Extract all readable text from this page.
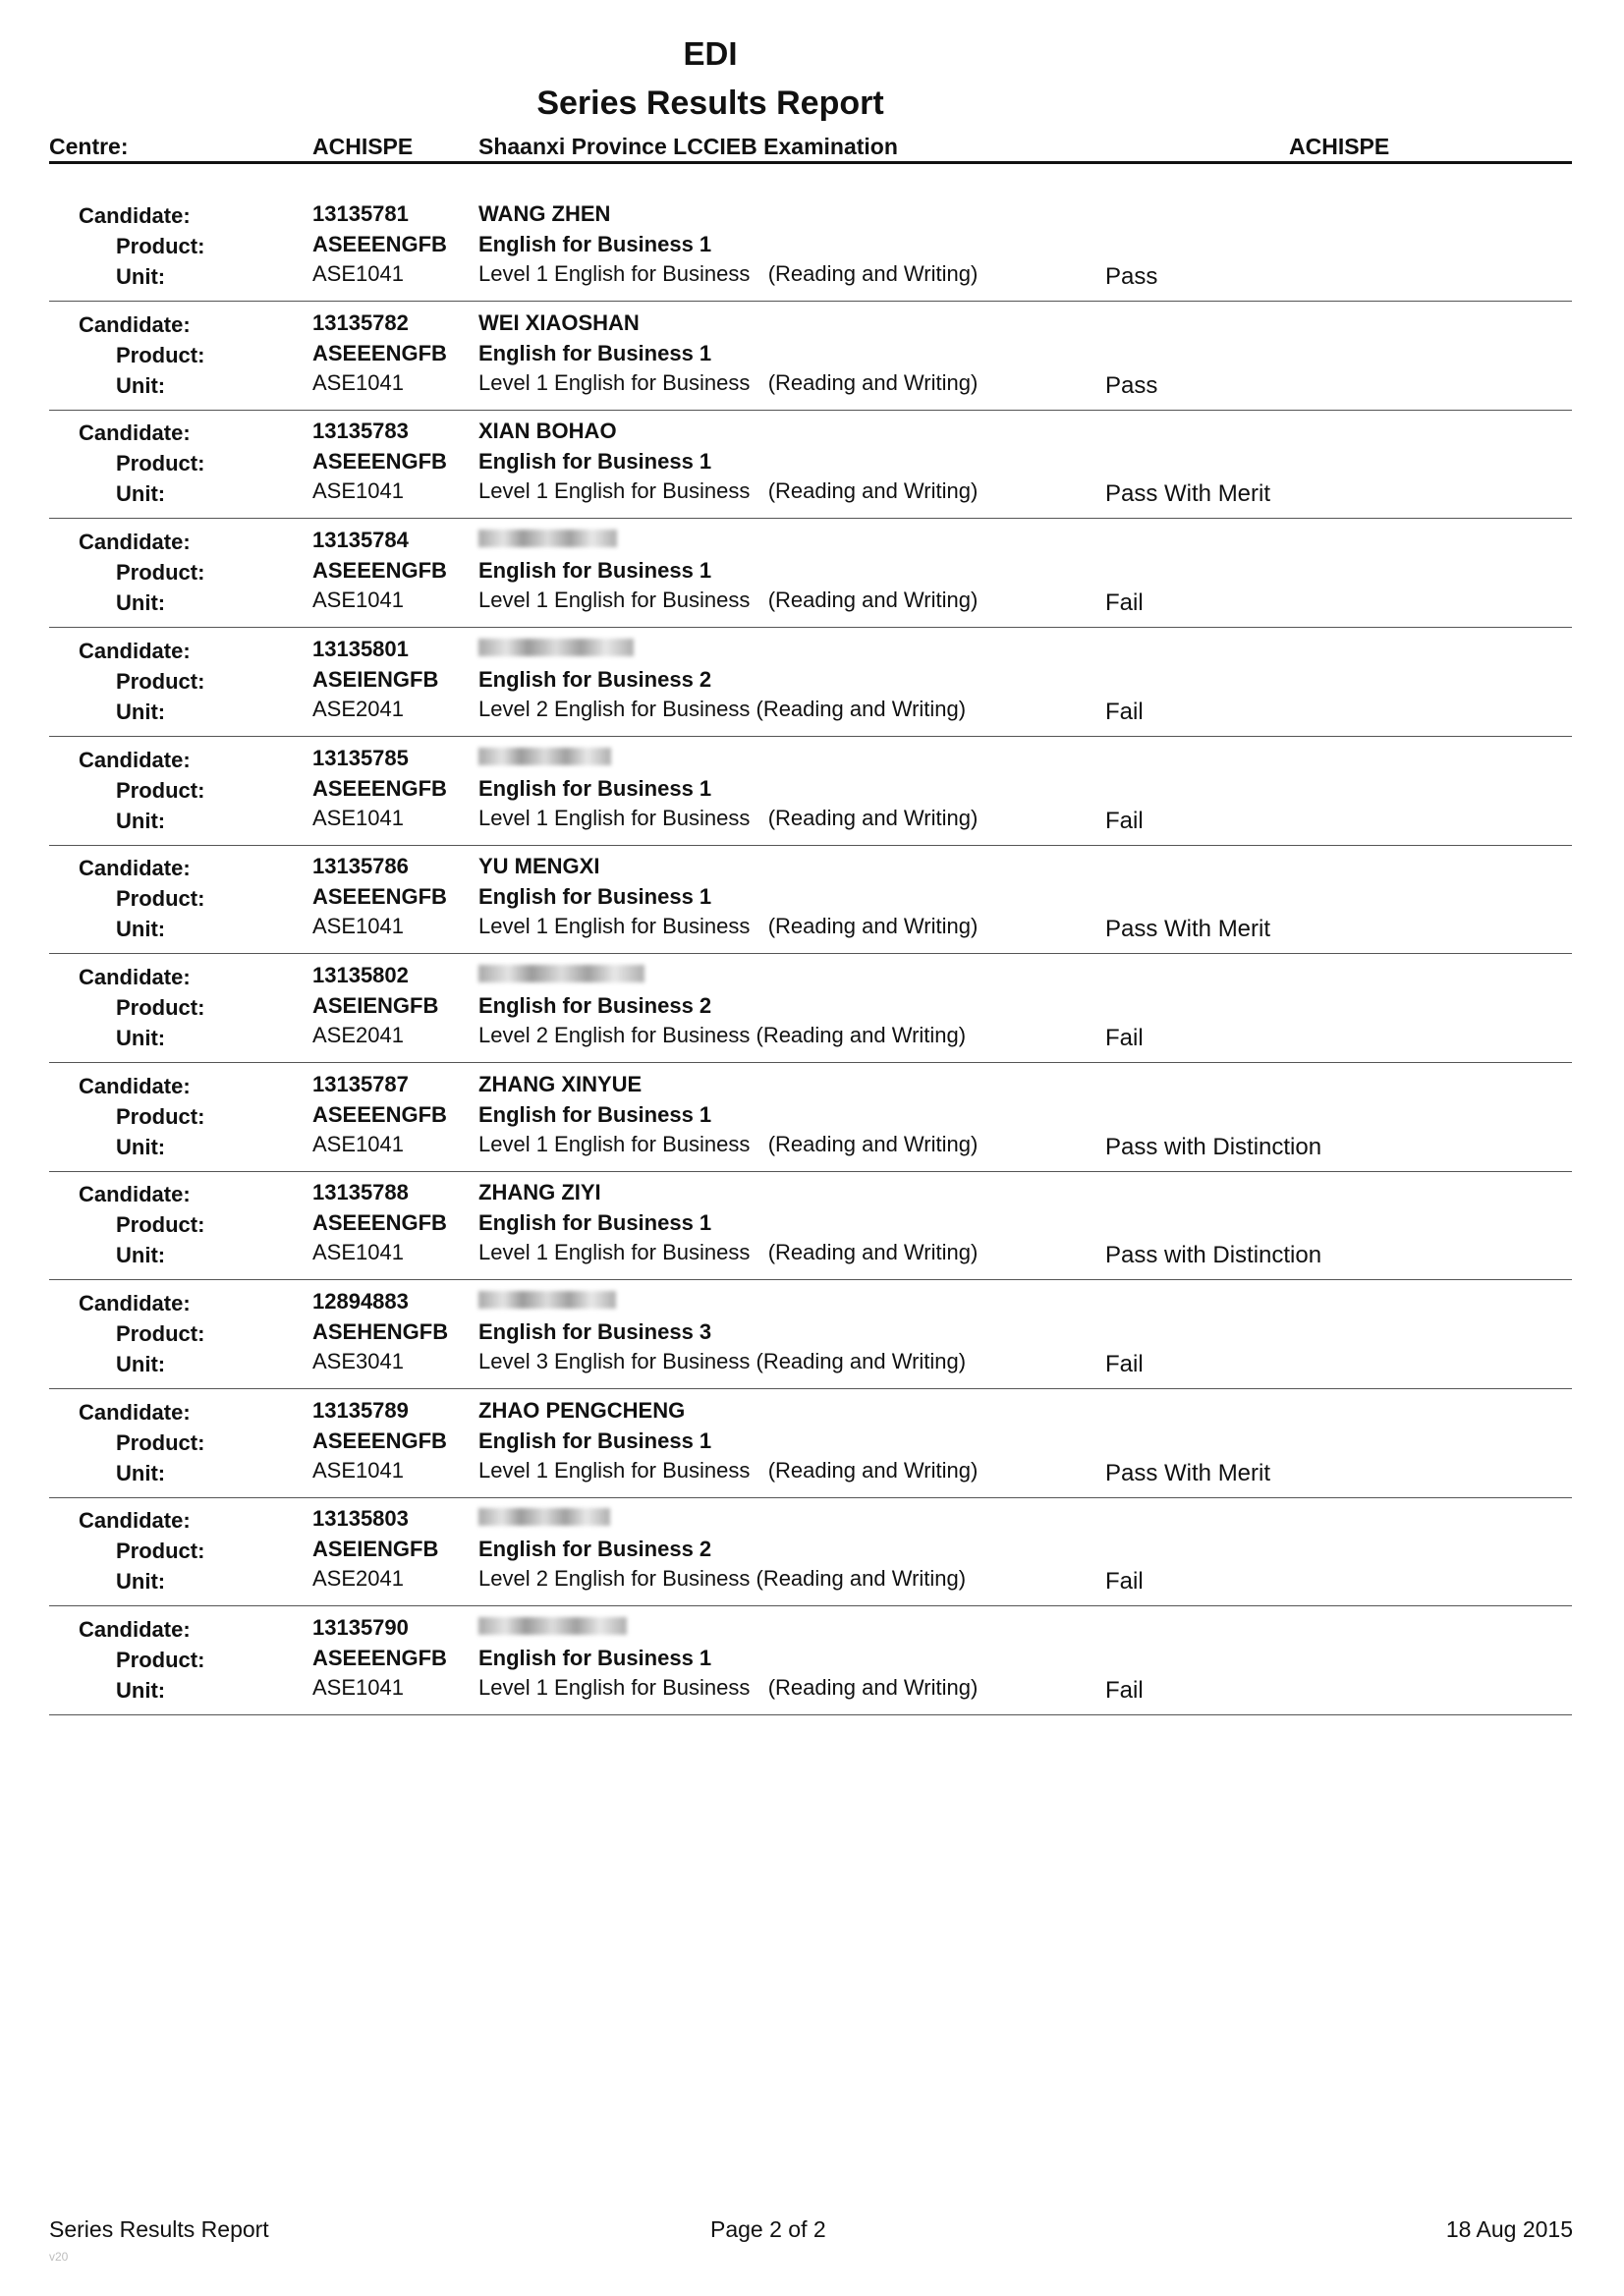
EDI
Series Results Report
Centre:	ACHISPE	Shaanxi Province LCCIEB Examination	ACHISPE
Candidate:	13135781	WANG ZHEN
Product:	ASEEENGFB English for Business 1
Unit:	ASE1041	Level 1 English for Business   (Reading and Writing)	Pass
Candidate:	13135782	WEI XIAOSHAN
Product:	ASEEENGFB English for Business 1
Unit:	ASE1041	Level 1 English for Business   (Reading and Writing)	Pass
Candidate:	13135783	XIAN BOHAO
Product:	ASEEENGFB English for Business 1
Unit:	ASE1041	Level 1 English for Business   (Reading and Writing)	Pass With Merit
Candidate:	13135784
Product:	ASEEENGFB English for Business 1
Unit:	ASE1041	Level 1 English for Business   (Reading and Writing)	Fail
Candidate:	13135801
Product:	ASEIENGFB English for Business 2
Unit:	ASE2041	Level 2 English for Business (Reading and Writing)	Fail
Candidate:	13135785
Product:	ASEEENGFB English for Business 1
Unit:	ASE1041	Level 1 English for Business   (Reading and Writing)	Fail
Candidate:	13135786	YU MENGXI
Product:	ASEEENGFB English for Business 1
Unit:	ASE1041	Level 1 English for Business   (Reading and Writing)	Pass With Merit
Candidate:	13135802
Product:	ASEIENGFB English for Business 2
Unit:	ASE2041	Level 2 English for Business (Reading and Writing)	Fail
Candidate:	13135787	ZHANG XINYUE
Product:	ASEEENGFB English for Business 1
Unit:	ASE1041	Level 1 English for Business   (Reading and Writing)	Pass with Distinction
Candidate:	13135788	ZHANG ZIYI
Product:	ASEEENGFB English for Business 1
Unit:	ASE1041	Level 1 English for Business   (Reading and Writing)	Pass with Distinction
Candidate:	12894883
Product:	ASEHENGFB English for Business 3
Unit:	ASE3041	Level 3 English for Business (Reading and Writing)	Fail
Candidate:	13135789	ZHAO PENGCHENG
Product:	ASEEENGFB English for Business 1
Unit:	ASE1041	Level 1 English for Business   (Reading and Writing)	Pass With Merit
Candidate:	13135803
Product:	ASEIENGFB English for Business 2
Unit:	ASE2041	Level 2 English for Business (Reading and Writing)	Fail
Candidate:	13135790
Product:	ASEEENGFB English for Business 1
Unit:	ASE1041	Level 1 English for Business   (Reading and Writing)	Fail
Series Results Report	Page 2 of 2	18 Aug 2015
v20
